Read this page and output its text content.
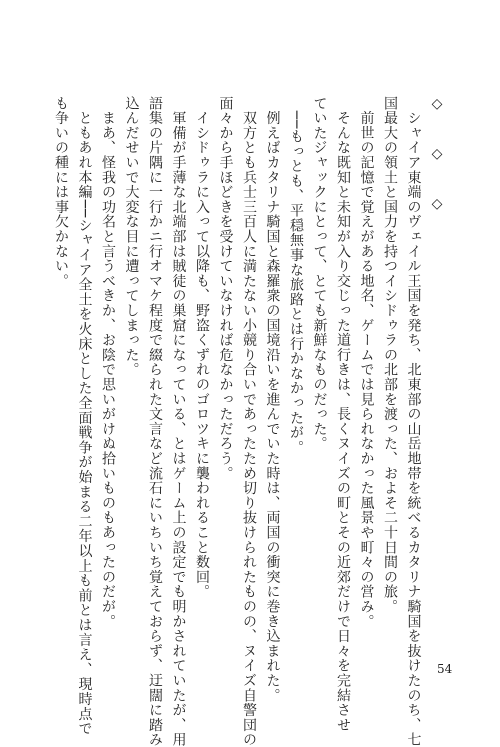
◇　◇　◇
　シャイア東端のヴェイル王国を発ち、北東部の山岳地帯を統べるカタリナ騎国を抜けたのち、七
国最大の領土と国力を持つイシドゥラの北部を渡った、およそ二十日間の旅。
　前世の記憶で覚えがある地名、ゲームでは見られなかった風景や町々の営み。
　そんな既知と未知が入り交じった道行きは、長くヌイズの町とその近郊だけで日々を完結させ
ていたジャックにとって、とても新鮮なものだった。
　──もっとも、平穏無事な旅路とは行かなかったが。
　例えばカタリナ騎国と森羅衆の国境沿いを進んでいた時は、両国の衝突に巻き込まれた。
　双方とも兵士三百人に満たない小競り合いであったため切り抜けられたものの、ヌイズ自警団の
面々から手ほどきを受けていなければ危なかっただろう。
　イシドゥラに入って以降も、野盗くずれのゴロツキに襲われること数回。
　軍備が手薄な北端部は賊徒の巣窟になっている、とはゲーム上の設定でも明かされていたが、用
語集の片隅に一行かニ行オマケ程度で綴られた文言など流石にいちいち覚えておらず、迂闊に踏み
込んだせいで大変な目に遭ってしまった。
　まあ、怪我の功名と言うべきか、お陰で思いがけぬ拾いものもあったのだが。
　ともあれ本編──シャイア全土を火床とした全面戦争が始まる二年以上も前とは言え、現時点で
も争いの種には事欠かない。
54
